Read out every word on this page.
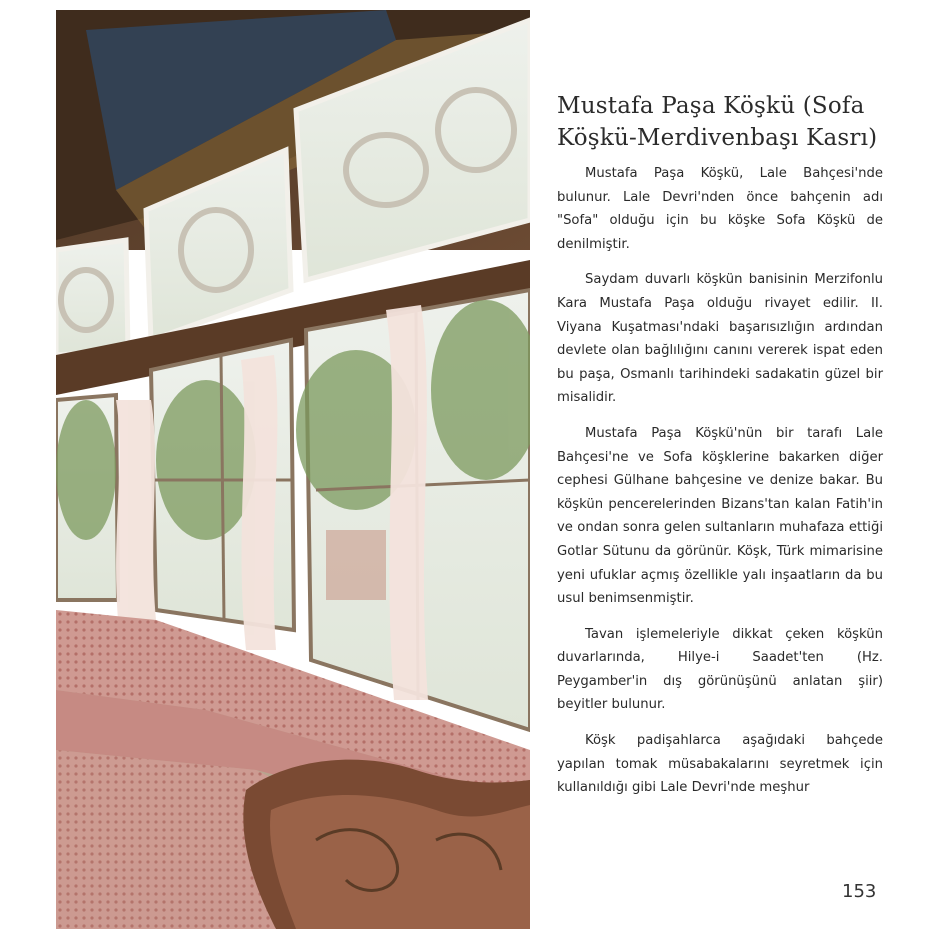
Mustafa Paşa Köşkü (Sofa Köşkü-Merdivenbaşı Kasrı)

Mustafa Paşa Köşkü, Lale Bahçesi'nde bulunur. Lale Devri'nden önce bahçenin adı "Sofa" olduğu için bu köşke Sofa Köşkü de denilmiştir.

Saydam duvarlı köşkün banisinin Merzifonlu Kara Mustafa Paşa olduğu rivayet edilir. II. Viyana Kuşatması'ndaki başarısızlığın ardından devlete olan bağlılığını canını vererek ispat eden bu paşa, Osmanlı tarihindeki sadakatin güzel bir misalidir.

Mustafa Paşa Köşkü'nün bir tarafı Lale Bahçesi'ne ve Sofa köşklerine bakarken diğer cephesi Gülhane bahçesine ve denize bakar. Bu köşkün pencerelerinden Bizans'tan kalan Fatih'in ve ondan sonra gelen sultanların muhafaza ettiği Gotlar Sütunu da görünür. Köşk, Türk mimarisine yeni ufuklar açmış özellikle yalı inşaatların da bu usul benimsenmiştir.

Tavan işlemeleriyle dikkat çeken köşkün duvarlarında, Hilye-i Saadet'ten (Hz. Peygamber'in dış görünüşünü anlatan şiir) beyitler bulunur.

Köşk padişahlarca aşağıdaki bahçede yapılan tomak müsabakalarını seyretmek için kullanıldığı gibi Lale Devri'nde meşhur

153
